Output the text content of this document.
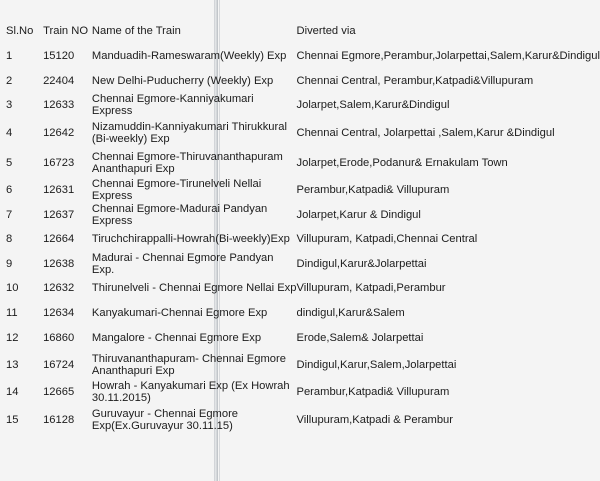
Sl.No	Train NO	Name of the Train	Diverted via
1	15120	Manduadih-Rameswaram(Weekly) Exp	Chennai Egmore,Perambur,Jolarpettai,Salem,Karur&Dindigul
2	22404	New Delhi-Puducherry (Weekly) Exp	Chennai Central, Perambur,Katpadi&Villupuram
3	12633	Chennai Egmore-Kanniyakumari Express	Jolarpet,Salem,Karur&Dindigul
4	12642	Nizamuddin-Kanniyakumari Thirukkural (Bi-weekly) Exp	Chennai Central, Jolarpettai ,Salem,Karur &Dindigul
5	16723	Chennai Egmore-Thiruvananthapuram Ananthapuri Exp	Jolarpet,Erode,Podanur& Ernakulam Town
6	12631	Chennai Egmore-Tirunelveli Nellai Express	Perambur,Katpadi& Villupuram
7	12637	Chennai Egmore-Madurai Pandyan Express	Jolarpet,Karur & Dindigul
8	12664	Tiruchchirappalli-Howrah(Bi-weekly)Exp	Villupuram, Katpadi,Chennai Central
9	12638	Madurai - Chennai Egmore Pandyan Exp.	Dindigul,Karur&Jolarpettai
10	12632	Thirunelveli - Chennai Egmore Nellai Exp	Villupuram, Katpadi,Perambur
11	12634	Kanyakumari-Chennai Egmore Exp	dindigul,Karur&Salem
12	16860	Mangalore - Chennai Egmore Exp	Erode,Salem& Jolarpettai
13	16724	Thiruvananthapuram- Chennai Egmore Ananthapuri Exp	Dindigul,Karur,Salem,Jolarpettai
14	12665	Howrah - Kanyakumari Exp (Ex Howrah 30.11.2015)	Perambur,Katpadi& Villupuram
15	16128	Guruvayur - Chennai Egmore Exp(Ex.Guruvayur 30.11.15)	Villupuram,Katpadi & Perambur
